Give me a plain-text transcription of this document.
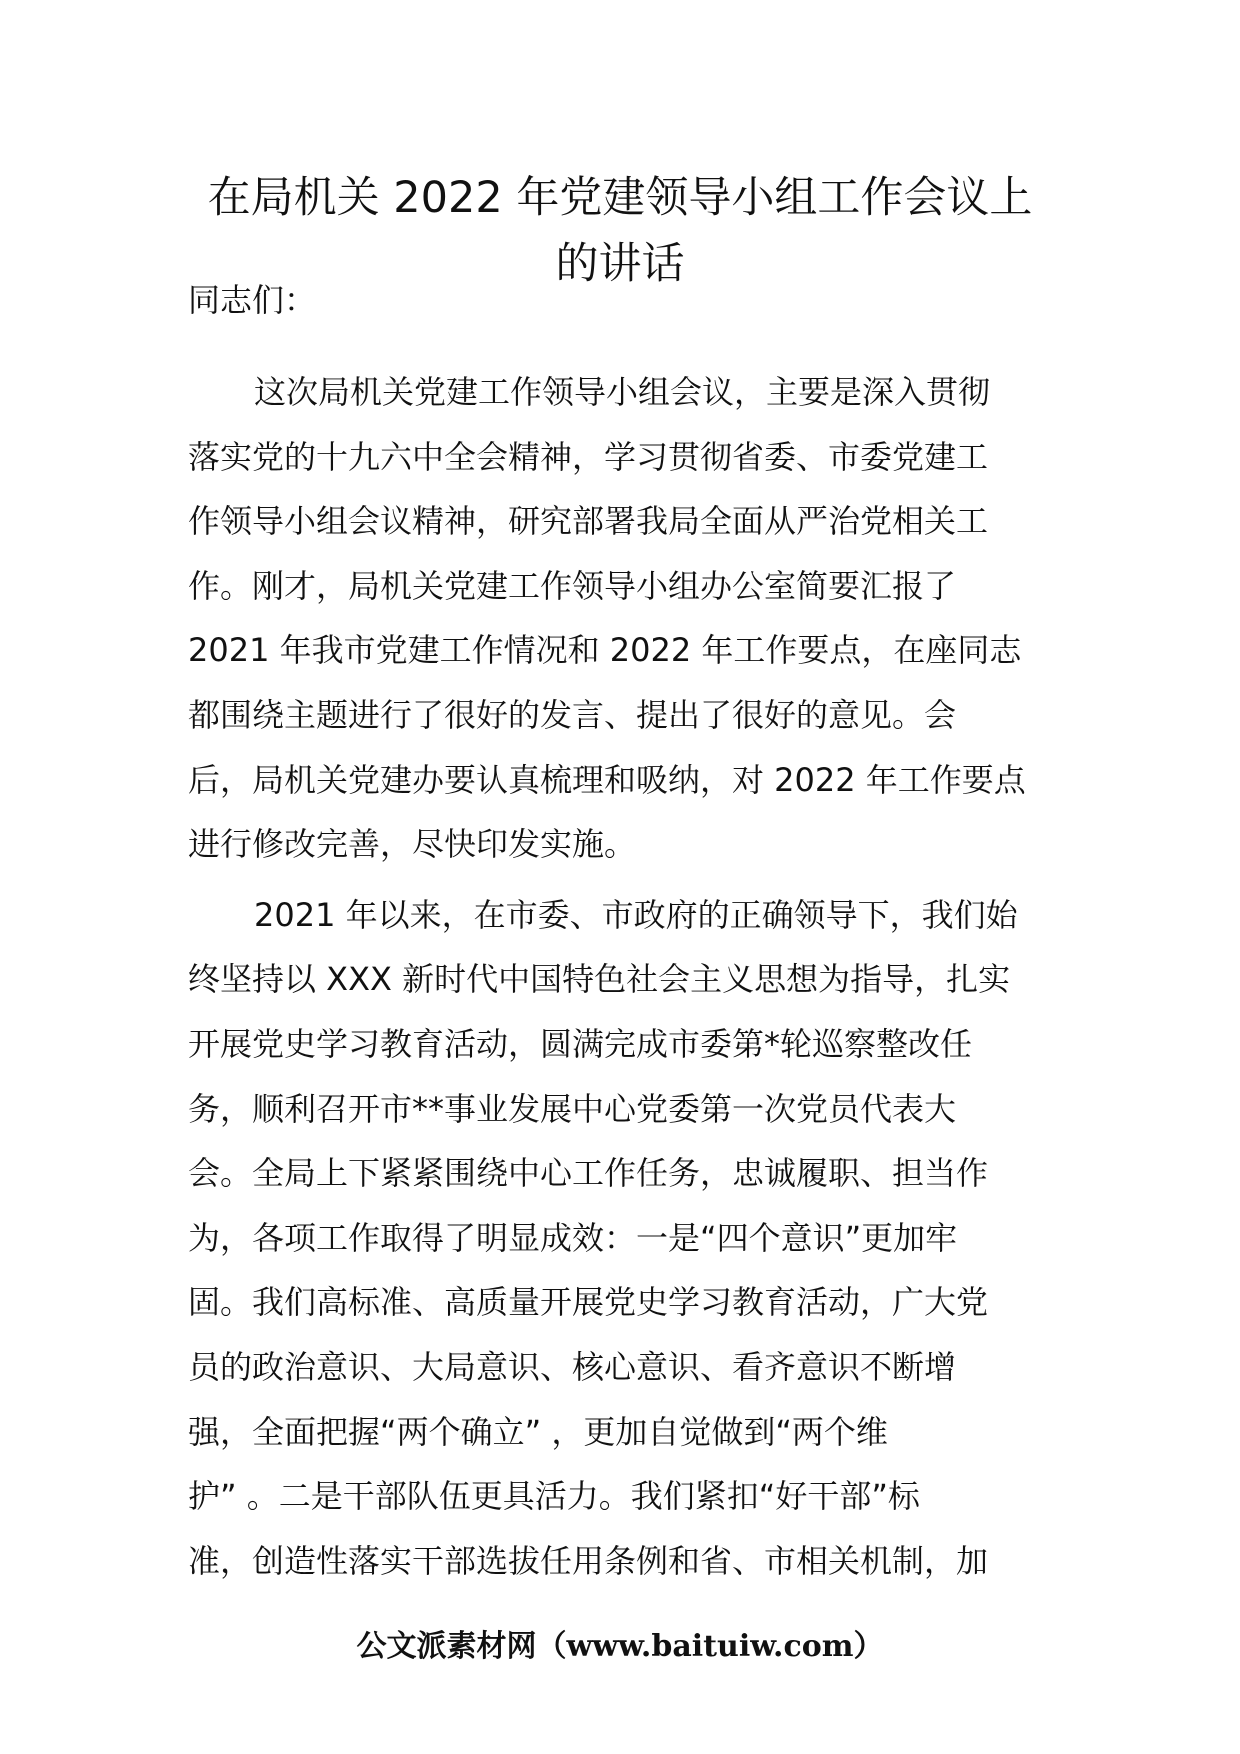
在局机关 2022 年党建领导小组工作会议上
的讲话

同志们：

这次局机关党建工作领导小组会议，主要是深入贯彻
落实党的十九六中全会精神，学习贯彻省委、市委党建工
作领导小组会议精神，研究部署我局全面从严治党相关工
作。刚才，局机关党建工作领导小组办公室简要汇报了
2021 年我市党建工作情况和 2022 年工作要点，在座同志
都围绕主题进行了很好的发言、提出了很好的意见。会
后，局机关党建办要认真梳理和吸纳，对 2022 年工作要点
进行修改完善，尽快印发实施。
2021 年以来，在市委、市政府的正确领导下，我们始
终坚持以 XXX 新时代中国特色社会主义思想为指导，扎实
开展党史学习教育活动，圆满完成市委第*轮巡察整改任
务，顺利召开市**事业发展中心党委第一次党员代表大
会。全局上下紧紧围绕中心工作任务，忠诚履职、担当作
为，各项工作取得了明显成效：一是“四个意识”更加牢
固。我们高标准、高质量开展党史学习教育活动，广大党
员的政治意识、大局意识、核心意识、看齐意识不断增
强，全面把握“两个确立” ，更加自觉做到“两个维
护” 。二是干部队伍更具活力。我们紧扣“好干部”标
准，创造性落实干部选拔任用条例和省、市相关机制，加
公文派素材网（www.baituiw.com）
